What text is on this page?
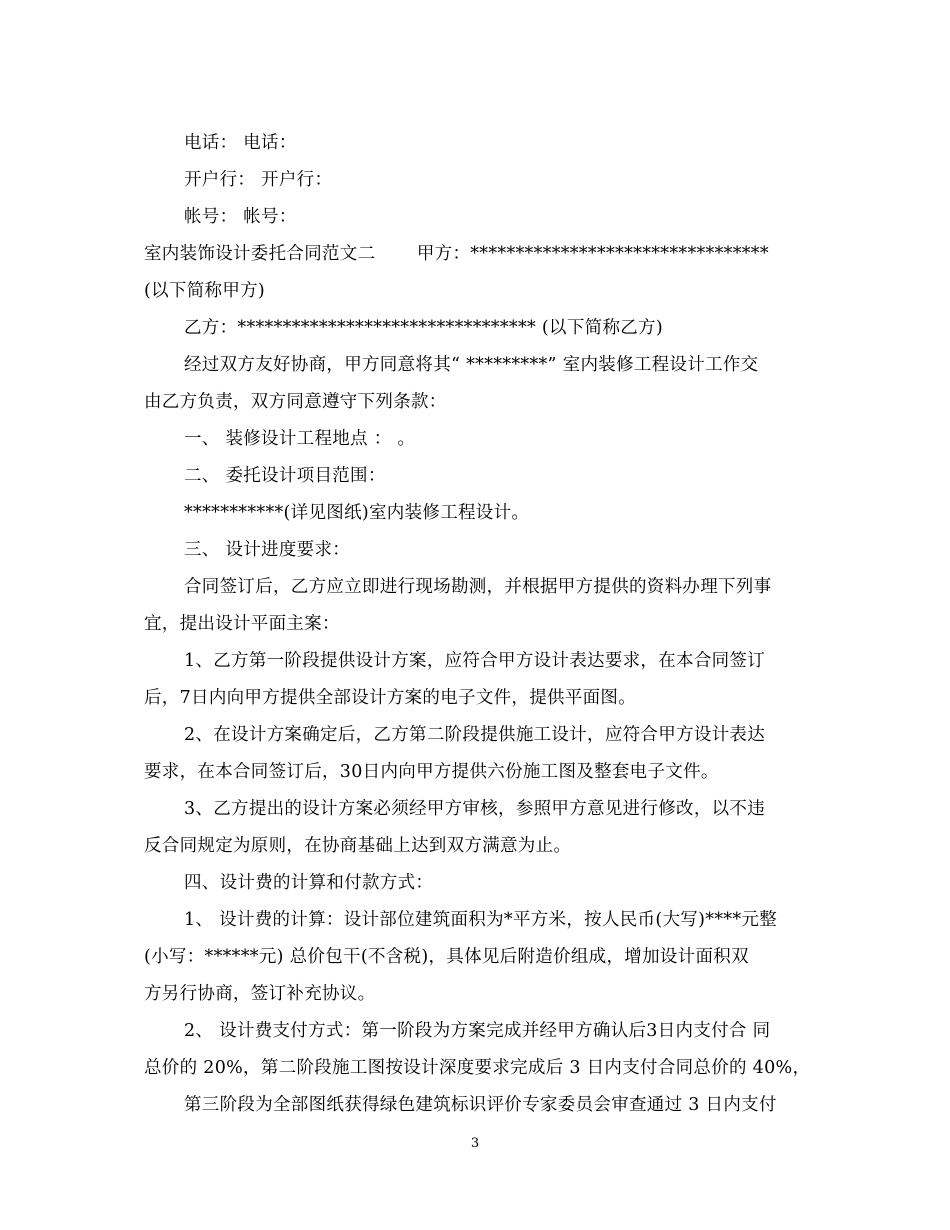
电话： 电话：
开户行： 开户行：
帐号： 帐号：
室内装饰设计委托合同范文二　　 甲方：*********************************
(以下简称甲方)
乙方：********************************* (以下简称乙方)
经过双方友好协商，甲方同意将其“ *********” 室内装修工程设计工作交
由乙方负责，双方同意遵守下列条款：
一、 装修设计工程地点 ： 。
二、 委托设计项目范围：
***********(详见图纸)室内装修工程设计。
三、 设计进度要求：
合同签订后，乙方应立即进行现场勘测，并根据甲方提供的资料办理下列事
宜，提出设计平面主案：
1、乙方第一阶段提供设计方案，应符合甲方设计表达要求，在本合同签订
后，7日内向甲方提供全部设计方案的电子文件，提供平面图。
2、在设计方案确定后，乙方第二阶段提供施工设计，应符合甲方设计表达
要求，在本合同签订后，30日内向甲方提供六份施工图及整套电子文件。
3、乙方提出的设计方案必须经甲方审核，参照甲方意见进行修改，以不违
反合同规定为原则，在协商基础上达到双方满意为止。
四、设计费的计算和付款方式：
1、 设计费的计算：设计部位建筑面积为*平方米，按人民币(大写)****元整
(小写：******元) 总价包干(不含税)，具体见后附造价组成，增加设计面积双
方另行协商，签订补充协议。
2、 设计费支付方式：第一阶段为方案完成并经甲方确认后3日内支付合 同
总价的 20%，第二阶段施工图按设计深度要求完成后 3 日内支付合同总价的 40%，
第三阶段为全部图纸获得绿色建筑标识评价专家委员会审查通过 3 日内支付
3
